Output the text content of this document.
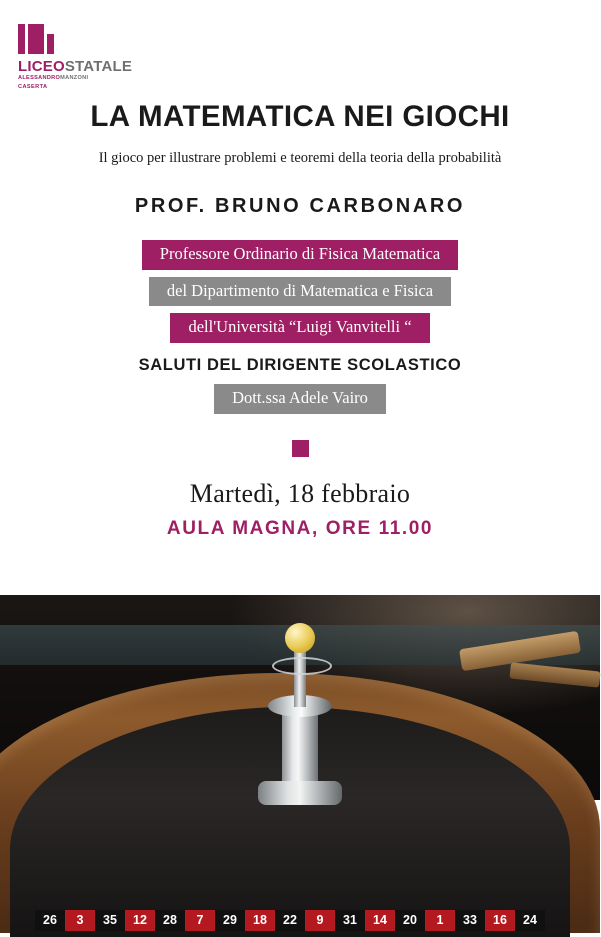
LICEOSTATALE
ALESSANDROMANZONI
CASERTA
LA MATEMATICA NEI GIOCHI
Il gioco per illustrare problemi e teoremi della teoria della probabilità
PROF. BRUNO CARBONARO
Professore Ordinario di Fisica Matematica
del Dipartimento di Matematica e Fisica
dell'Università “Luigi Vanvitelli “
SALUTI DEL DIRIGENTE SCOLASTICO
Dott.ssa Adele Vairo
Martedì, 18 febbraio
AULA MAGNA, ORE 11.00
26	3	35	12	28	7	29	18	22	9	31	14	20	1	33	16	24
